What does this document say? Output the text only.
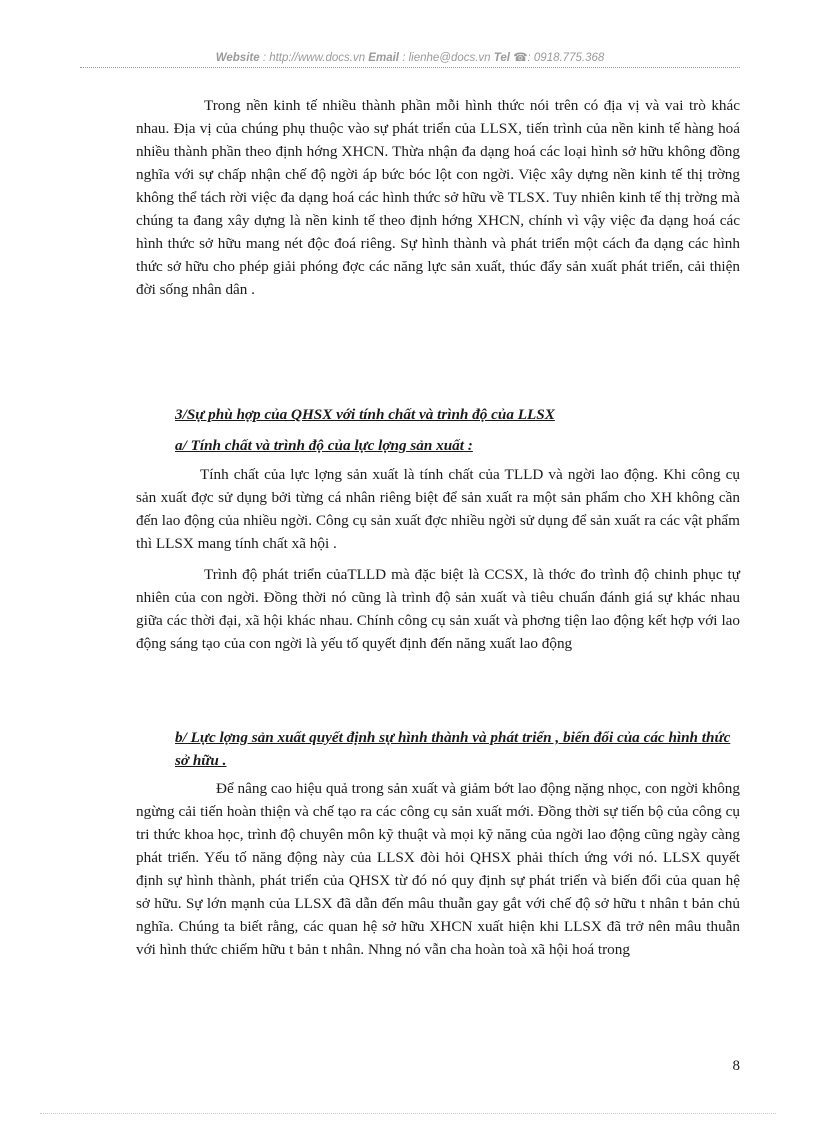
Website : http://www.docs.vn Email : lienhe@docs.vn Tel ☎: 0918.775.368

Trong nền kinh tế nhiều thành phần mỗi hình thức nói trên có địa vị và vai trò khác nhau. Địa vị của chúng phụ thuộc vào sự phát triển của LLSX, tiến trình của nền kinh tế hàng hoá nhiều thành phần theo định hớng XHCN. Thừa nhận đa dạng hoá các loại hình sở hữu không đồng nghĩa với sự chấp nhận chế độ ngời áp bức bóc lột con ngời. Việc xây dựng nền kinh tế thị trờng không thể tách rời việc đa dạng hoá các hình thức sở hữu về TLSX. Tuy nhiên kinh tế thị trờng mà chúng ta đang xây dựng là nền kinh tế theo định hớng XHCN, chính vì vậy việc đa dạng hoá các hình thức sở hữu mang nét độc đoá riêng. Sự hình thành và phát triển một cách đa dạng các hình thức sở hữu cho phép giải phóng đợc các năng lực sản xuất, thúc đẩy sản xuất phát triển, cải thiện đời sống nhân dân .

3/Sự phù hợp của QHSX với tính chất và trình độ của LLSX
a/ Tính chất và trình độ của lực lợng sản xuất :

Tính chất của lực lợng sản xuất là tính chất của TLLD và ngời lao động. Khi công cụ sản xuất đợc sử dụng bởi từng cá nhân riêng biệt để sản xuất ra một sản phẩm cho XH không cần đến lao động của nhiều ngời. Công cụ sản xuất đợc nhiều ngời sử dụng để sản xuất ra các vật phẩm thì LLSX mang tính chất xã hội .

Trình độ phát triển củaTLLD mà đặc biệt là CCSX, là thớc đo trình độ chinh phục tự nhiên của con ngời. Đồng thời nó cũng là trình độ sản xuất và tiêu chuẩn đánh giá sự khác nhau giữa các thời đại, xã hội khác nhau. Chính công cụ sản xuất và phơng tiện lao động kết hợp với lao động sáng tạo của con ngời là yếu tố quyết định đến năng xuất lao động

b/ Lực lợng sản xuất quyết định sự hình thành và phát triển , biến đổi của các hình thức sở hữu .

Để nâng cao hiệu quả trong sản xuất và giảm bớt lao động nặng nhọc, con ngời không ngừng cải tiến hoàn thiện và chế tạo ra các công cụ sản xuất mới. Đồng thời sự tiến bộ của công cụ tri thức khoa học, trình độ chuyên môn kỹ thuật và mọi kỹ năng của ngời lao động cũng ngày càng phát triển. Yếu tố năng động này của LLSX đòi hỏi QHSX phải thích ứng với nó. LLSX quyết định sự hình thành, phát triển của QHSX từ đó nó quy định sự phát triển và biến đổi của quan hệ sở hữu. Sự lớn mạnh của LLSX đã dẫn đến mâu thuẫn gay gắt với chế độ sở hữu t nhân t bản chủ nghĩa. Chúng ta biết rằng, các quan hệ sở hữu XHCN xuất hiện khi LLSX đã trở nên mâu thuẫn với hình thức chiếm hữu t bản t nhân. Nhng nó vẫn cha hoàn toà xã hội hoá trong

8
